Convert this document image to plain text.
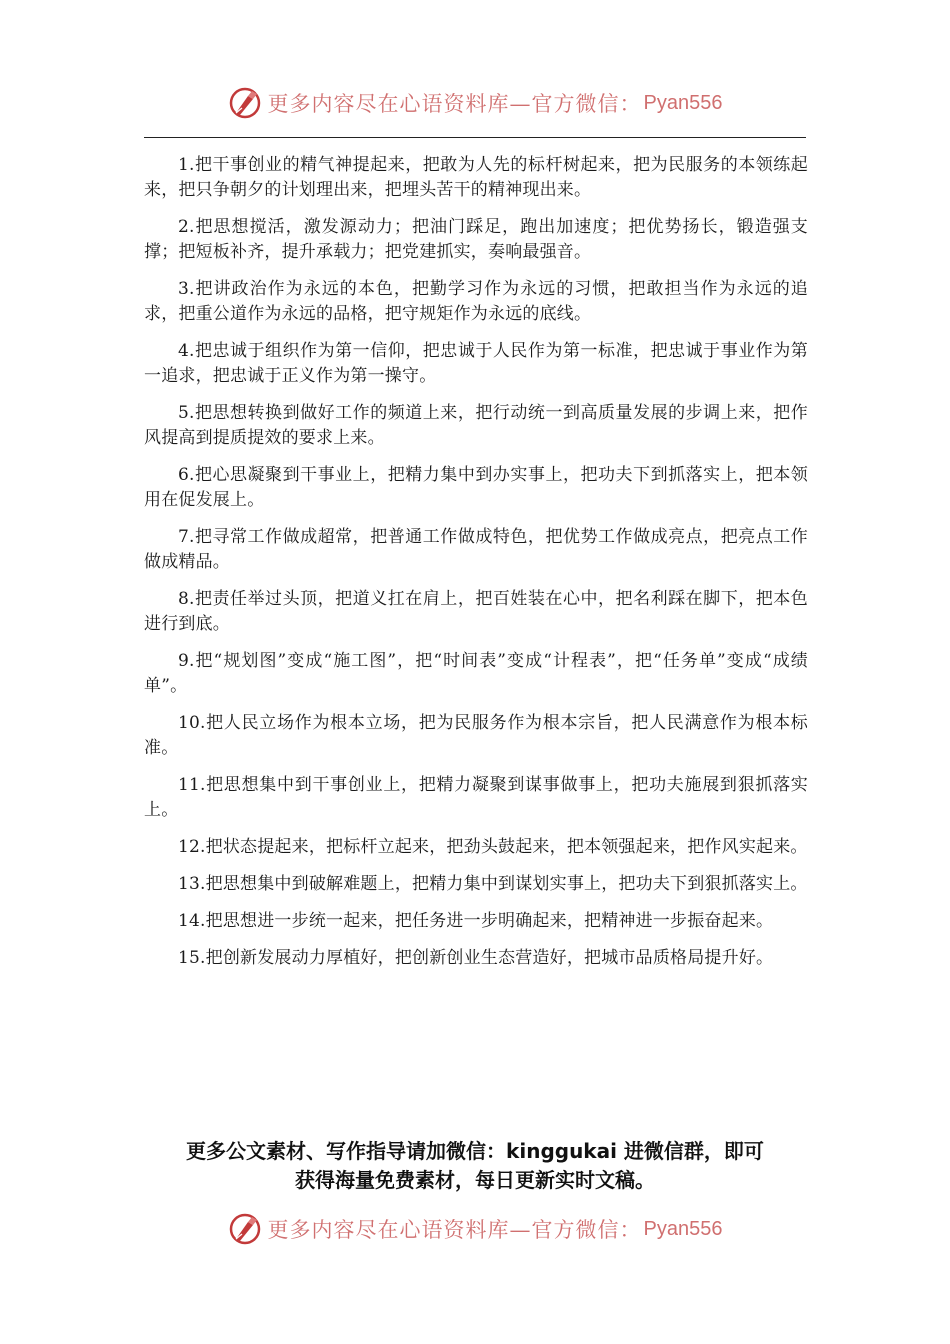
更多内容尽在心语资料库—官方微信： Pyan556

1.把干事创业的精气神提起来，把敢为人先的标杆树起来，把为民服务的本领练起来，把只争朝夕的计划理出来，把埋头苦干的精神现出来。

2.把思想搅活，激发源动力；把油门踩足，跑出加速度；把优势扬长，锻造强支撑；把短板补齐，提升承载力；把党建抓实，奏响最强音。

3.把讲政治作为永远的本色，把勤学习作为永远的习惯，把敢担当作为永远的追求，把重公道作为永远的品格，把守规矩作为永远的底线。

4.把忠诚于组织作为第一信仰，把忠诚于人民作为第一标准，把忠诚于事业作为第一追求，把忠诚于正义作为第一操守。

5.把思想转换到做好工作的频道上来，把行动统一到高质量发展的步调上来，把作风提高到提质提效的要求上来。

6.把心思凝聚到干事业上，把精力集中到办实事上，把功夫下到抓落实上，把本领用在促发展上。

7.把寻常工作做成超常，把普通工作做成特色，把优势工作做成亮点，把亮点工作做成精品。

8.把责任举过头顶，把道义扛在肩上，把百姓装在心中，把名利踩在脚下，把本色进行到底。

9.把“规划图”变成“施工图”，把“时间表”变成“计程表”，把“任务单”变成“成绩单”。

10.把人民立场作为根本立场，把为民服务作为根本宗旨，把人民满意作为根本标准。

11.把思想集中到干事创业上，把精力凝聚到谋事做事上，把功夫施展到狠抓落实上。

12.把状态提起来，把标杆立起来，把劲头鼓起来，把本领强起来，把作风实起来。

13.把思想集中到破解难题上，把精力集中到谋划实事上，把功夫下到狠抓落实上。

14.把思想进一步统一起来，把任务进一步明确起来，把精神进一步振奋起来。

15.把创新发展动力厚植好，把创新创业生态营造好，把城市品质格局提升好。

更多公文素材、写作指导请加微信：kinggukai 进微信群，即可
获得海量免费素材，每日更新实时文稿。
更多内容尽在心语资料库—官方微信： Pyan556
